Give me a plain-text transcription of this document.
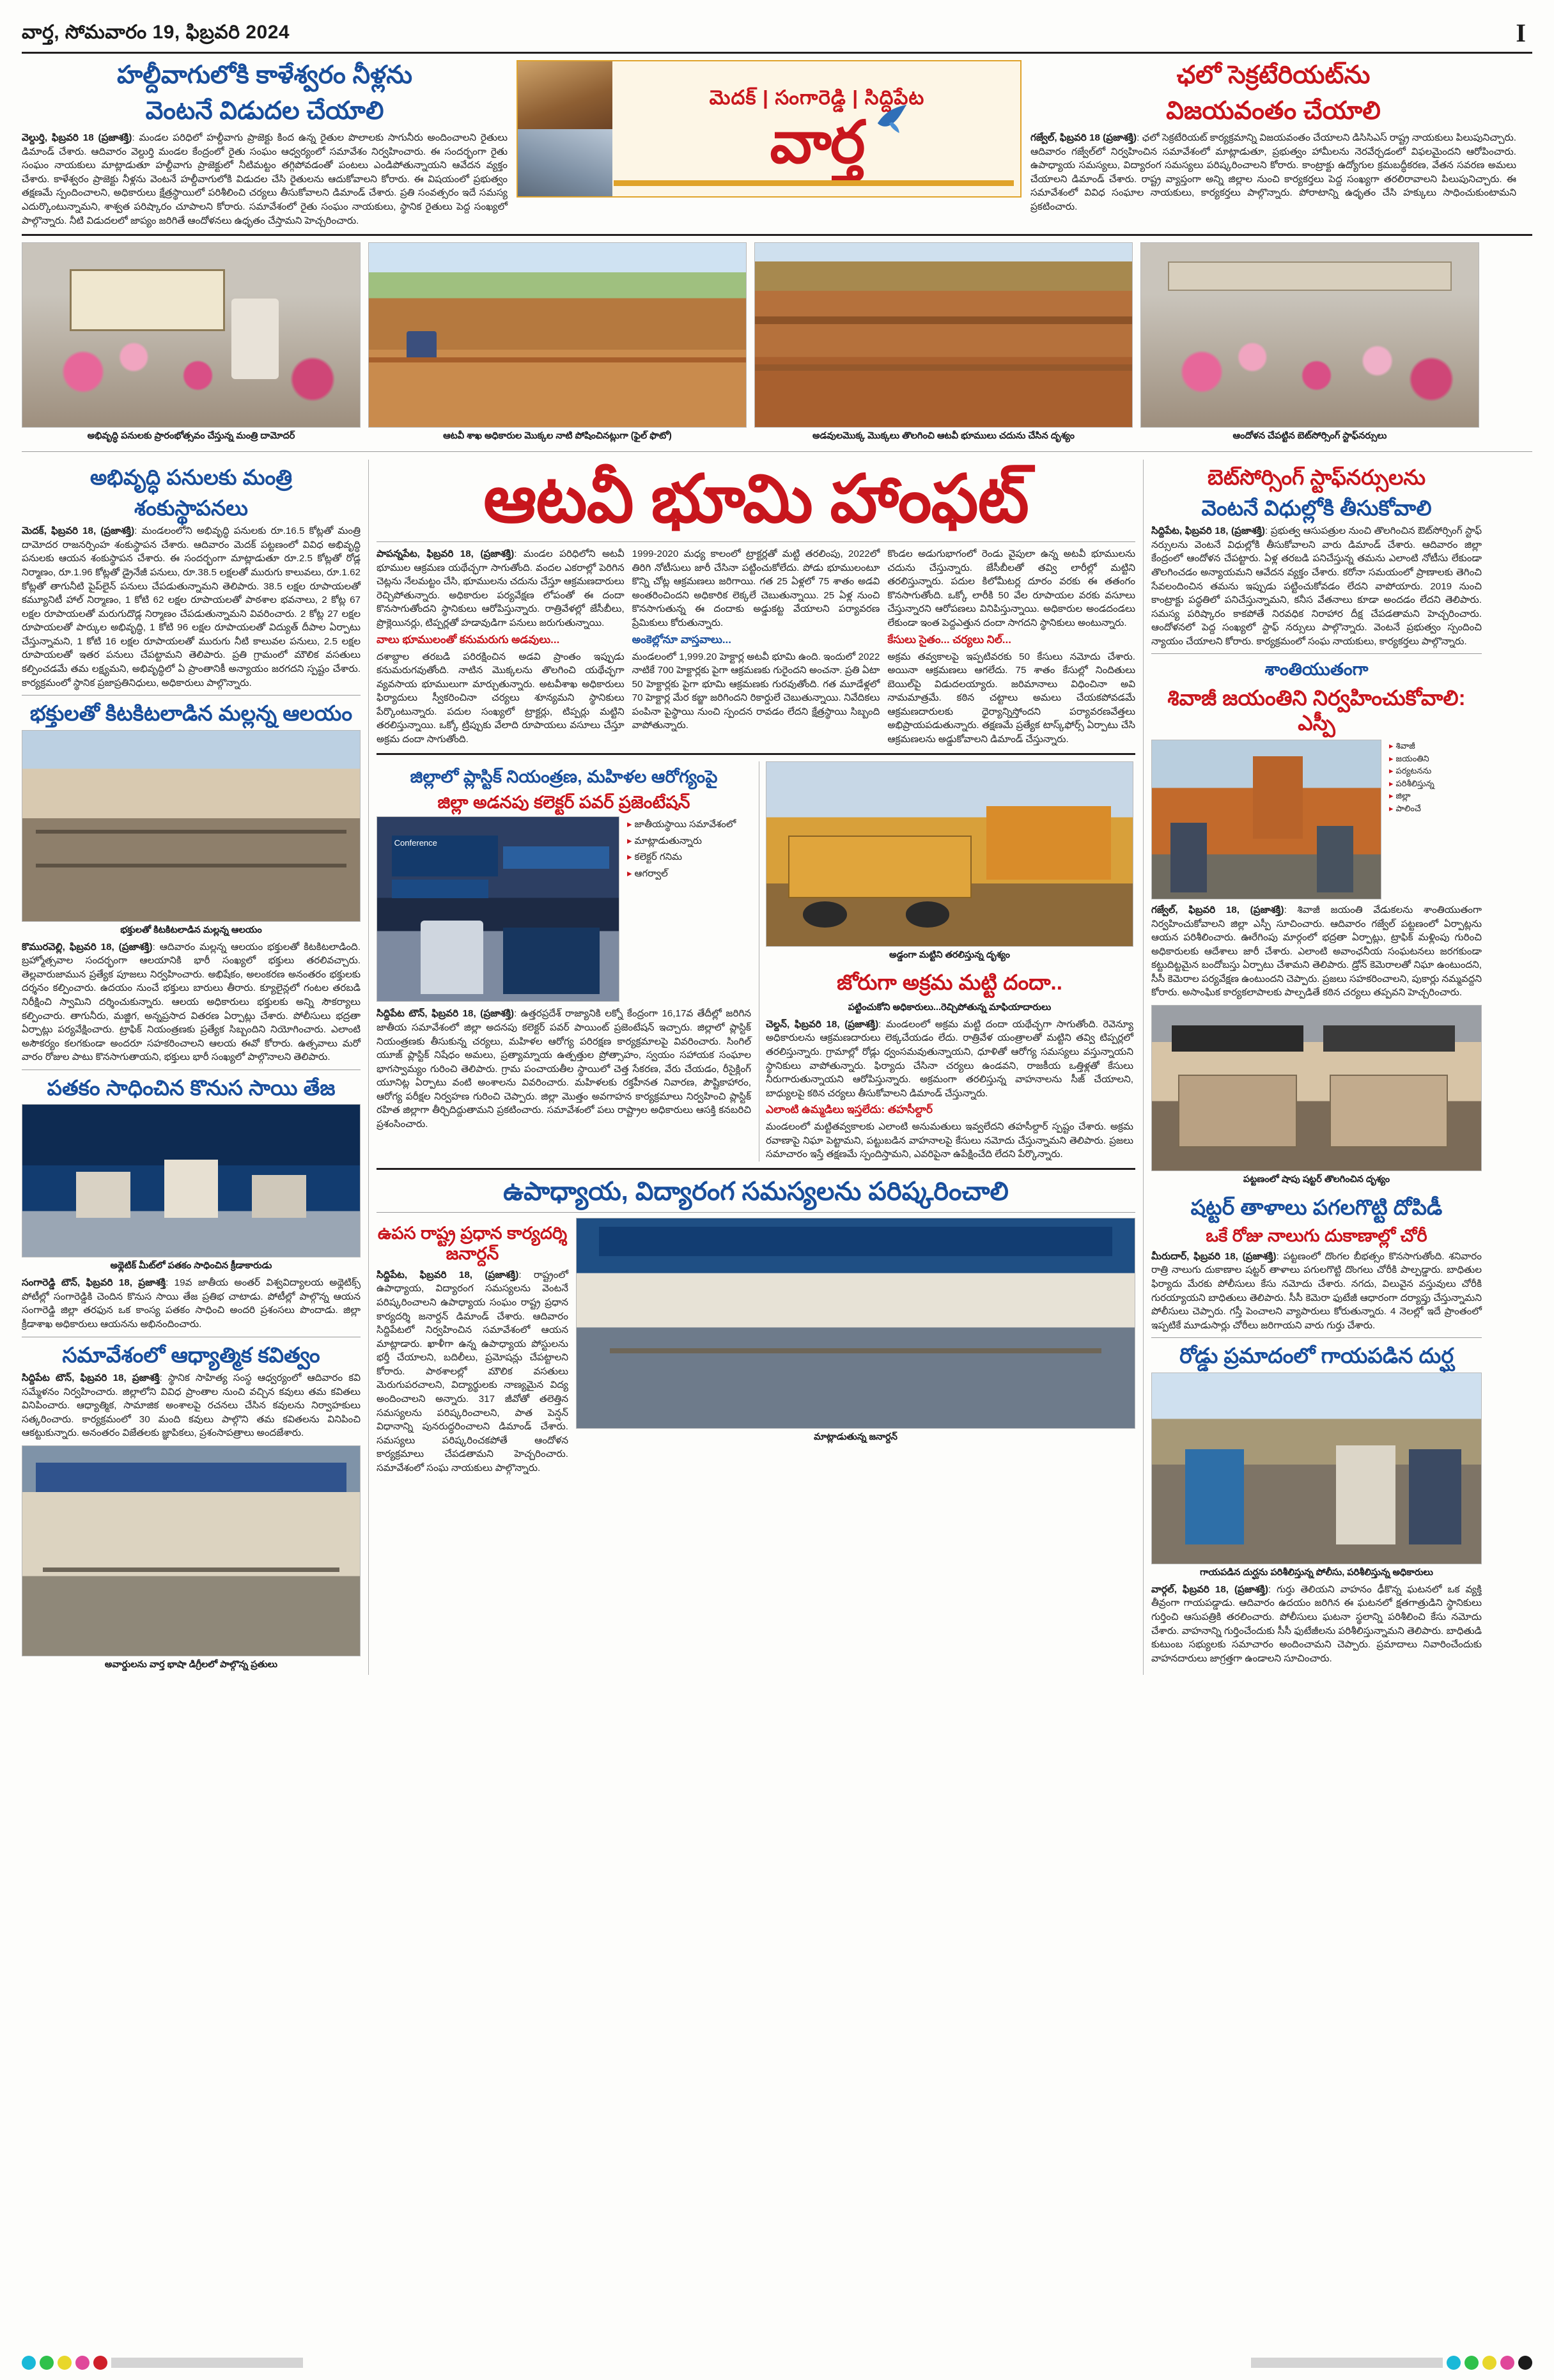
వార్త, సోమవారం 19, ఫిబ్రవరి 2024	I
హల్దీవాగులోకి కాళేశ్వరం నీళ్లను
వెంటనే విడుదల చేయాలి
వెల్దుర్తి, ఫిబ్రవరి 18 (ప్రజాశక్తి): మండల పరిధిలో హల్దీవాగు ప్రాజెక్టు కింద ఉన్న రైతుల పొలాలకు సాగునీరు అందించాలని రైతులు డిమాండ్ చేశారు. ఆదివారం వెల్దుర్తి మండల కేంద్రంలో రైతు సంఘం ఆధ్వర్యంలో సమావేశం నిర్వహించారు. ఈ సందర్భంగా రైతు సంఘం నాయకులు మాట్లాడుతూ హల్దీవాగు ప్రాజెక్టులో నీటిమట్టం తగ్గిపోవడంతో పంటలు ఎండిపోతున్నాయని ఆవేదన వ్యక్తం చేశారు. కాళేశ్వరం ప్రాజెక్టు నీళ్లను వెంటనే హల్దీవాగులోకి విడుదల చేసి రైతులను ఆదుకోవాలని కోరారు. ఈ విషయంలో ప్రభుత్వం తక్షణమే స్పందించాలని, అధికారులు క్షేత్రస్థాయిలో పరిశీలించి చర్యలు తీసుకోవాలని డిమాండ్ చేశారు. ప్రతి సంవత్సరం ఇదే సమస్య ఎదుర్కొంటున్నామని, శాశ్వత పరిష్కారం చూపాలని కోరారు. సమావేశంలో రైతు సంఘం నాయకులు, స్థానిక రైతులు పెద్ద సంఖ్యలో పాల్గొన్నారు. నీటి విడుదలలో జాప్యం జరిగితే ఆందోళనలు ఉధృతం చేస్తామని హెచ్చరించారు.
మెదక్ | సంగారెడ్డి | సిద్దిపేట
వార్త
ఛలో సెక్రటేరియట్‌ను
విజయవంతం చేయాలి
గజ్వేల్, ఫిబ్రవరి 18 (ప్రజాశక్తి): ఛలో సెక్రటేరియట్ కార్యక్రమాన్ని విజయవంతం చేయాలని డిసిసిఎస్ రాష్ట్ర నాయకులు పిలుపునిచ్చారు. ఆదివారం గజ్వేల్‌లో నిర్వహించిన సమావేశంలో మాట్లాడుతూ, ప్రభుత్వం హామీలను నెరవేర్చడంలో విఫలమైందని ఆరోపించారు. ఉపాధ్యాయ సమస్యలు, విద్యారంగ సమస్యలు పరిష్కరించాలని కోరారు. కాంట్రాక్టు ఉద్యోగుల క్రమబద్ధీకరణ, వేతన సవరణ అమలు చేయాలని డిమాండ్ చేశారు. రాష్ట్ర వ్యాప్తంగా అన్ని జిల్లాల నుంచి కార్యకర్తలు పెద్ద సంఖ్యగా తరలిరావాలని పిలుపునిచ్చారు. ఈ సమావేశంలో వివిధ సంఘాల నాయకులు, కార్యకర్తలు పాల్గొన్నారు. పోరాటాన్ని ఉధృతం చేసి హక్కులు సాధించుకుంటామని ప్రకటించారు.
అభివృద్ధి పనులకు ప్రారంభోత్సవం చేస్తున్న మంత్రి దామోదర్	ఆటవీ శాఖ అధికారుల మొక్కల నాటి పోషించినట్లుగా (ఫైల్ ఫొటో)	అడవులమొక్క మొక్కలు తొలగించి ఆటవీ భూములు చదును చేసిన దృశ్యం	ఆందోళన చేపట్టిన బెట్‌సోర్సింగ్ స్టాఫ్‌నర్సులు
అభివృద్ధి పనులకు మంత్రి
శంకుస్థాపనలు
మెదక్, ఫిబ్రవరి 18, (ప్రజాశక్తి): మండలంలోని అభివృద్ధి పనులకు రూ.16.5 కోట్లతో మంత్రి దామోదర రాజనర్సింహ శంకుస్థాపన చేశారు. ఆదివారం మెదక్ పట్టణంలో వివిధ అభివృద్ధి పనులకు ఆయన శంకుస్థాపన చేశారు. ఈ సందర్భంగా మాట్లాడుతూ రూ.2.5 కోట్లతో రోడ్ల నిర్మాణం, రూ.1.96 కోట్లతో డ్రైనేజీ పనులు, రూ.38.5 లక్షలతో మురుగు కాలువలు, రూ.1.62 కోట్లతో తాగునీటి పైప్‌లైన్ పనులు చేపడుతున్నామని తెలిపారు. 38.5 లక్షల రూపాయలతో కమ్యూనిటీ హాల్ నిర్మాణం, 1 కోటి 62 లక్షల రూపాయలతో పాఠశాల భవనాలు, 2 కోట్ల 67 లక్షల రూపాయలతో మరుగుదొడ్ల నిర్మాణం చేపడుతున్నామని వివరించారు. 2 కోట్ల 27 లక్షల రూపాయలతో పార్కుల అభివృద్ధి, 1 కోటి 96 లక్షల రూపాయలతో విద్యుత్ దీపాల ఏర్పాటు చేస్తున్నామని, 1 కోటి 16 లక్షల రూపాయలతో మురుగు నీటి కాలువల పనులు, 2.5 లక్షల రూపాయలతో ఇతర పనులు చేపట్టామని తెలిపారు. ప్రతి గ్రామంలో మౌలిక వసతులు కల్పించడమే తమ లక్ష్యమని, అభివృద్ధిలో ఏ ప్రాంతానికీ అన్యాయం జరగదని స్పష్టం చేశారు. కార్యక్రమంలో స్థానిక ప్రజాప్రతినిధులు, అధికారులు పాల్గొన్నారు.
భక్తులతో కిటకిటలాడిన మల్లన్న ఆలయం
భక్తులతో కిటకిటలాడిన మల్లన్న ఆలయం
కొమురవెల్లి, ఫిబ్రవరి 18, (ప్రజాశక్తి): ఆదివారం మల్లన్న ఆలయం భక్తులతో కిటకిటలాడింది. బ్రహ్మోత్సవాల సందర్భంగా ఆలయానికి భారీ సంఖ్యలో భక్తులు తరలివచ్చారు. తెల్లవారుజామున ప్రత్యేక పూజలు నిర్వహించారు. అభిషేకం, అలంకరణ అనంతరం భక్తులకు దర్శనం కల్పించారు. ఉదయం నుంచే భక్తులు బారులు తీరారు. క్యూలైన్లలో గంటల తరబడి నిరీక్షించి స్వామిని దర్శించుకున్నారు. ఆలయ అధికారులు భక్తులకు అన్ని సౌకర్యాలు కల్పించారు. తాగునీరు, మజ్జిగ, అన్నప్రసాద వితరణ ఏర్పాట్లు చేశారు. పోలీసులు భద్రతా ఏర్పాట్లు పర్యవేక్షించారు. ట్రాఫిక్ నియంత్రణకు ప్రత్యేక సిబ్బందిని నియోగించారు. ఎలాంటి అసౌకర్యం కలగకుండా అందరూ సహకరించాలని ఆలయ ఈవో కోరారు. ఉత్సవాలు మరో వారం రోజుల పాటు కొనసాగుతాయని, భక్తులు భారీ సంఖ్యలో పాల్గొనాలని తెలిపారు.
పతకం సాధించిన కొనుస సాయి తేజ
అథ్లెటిక్ మీట్‌లో పతకం సాధించిన క్రీడాకారుడు
సంగారెడ్డి టౌన్, ఫిబ్రవరి 18, ప్రజాశక్తి: 19వ జాతీయ అంతర్ విశ్వవిద్యాలయ అథ్లెటిక్స్ పోటీల్లో సంగారెడ్డికి చెందిన కొనుస సాయి తేజ ప్రతిభ చాటాడు. పోటీల్లో పాల్గొన్న ఆయన సంగారెడ్డి జిల్లా తరఫున ఒక కాంస్య పతకం సాధించి అందరి ప్రశంసలు పొందాడు. జిల్లా క్రీడాశాఖ అధికారులు ఆయనను అభినందించారు.
సమావేశంలో ఆధ్యాత్మిక కవిత్వం
సిద్దిపేట టౌన్, ఫిబ్రవరి 18, ప్రజాశక్తి: స్థానిక సాహిత్య సంస్థ ఆధ్వర్యంలో ఆదివారం కవి సమ్మేళనం నిర్వహించారు. జిల్లాలోని వివిధ ప్రాంతాల నుంచి వచ్చిన కవులు తమ కవితలు వినిపించారు. ఆధ్యాత్మిక, సామాజిక అంశాలపై రచనలు చేసిన కవులను నిర్వాహకులు సత్కరించారు. కార్యక్రమంలో 30 మంది కవులు పాల్గొని తమ కవితలను వినిపించి ఆకట్టుకున్నారు. అనంతరం విజేతలకు జ్ఞాపికలు, ప్రశంసాపత్రాలు అందజేశారు.
అవార్డులను వార్త భాషా డిగ్రీలలో పాల్గొన్న ప్రతులు
ఆటవీ భూమి హాంఫట్
పాపన్నపేట, ఫిబ్రవరి 18, (ప్రజాశక్తి): మండల పరిధిలోని అటవీ భూముల ఆక్రమణ యథేచ్ఛగా సాగుతోంది. వందల ఎకరాల్లో పెరిగిన చెట్లను నేలమట్టం చేసి, భూములను చదును చేస్తూ ఆక్రమణదారులు రెచ్చిపోతున్నారు. అధికారుల పర్యవేక్షణ లోపంతో ఈ దందా కొనసాగుతోందని స్థానికులు ఆరోపిస్తున్నారు. రాత్రివేళల్లో జేసీబీలు, ప్రొక్లెయినర్లు, టిప్పర్లతో హడావుడిగా పనులు జరుగుతున్నాయి.
వాలు భూములంతో కనుమరుగు అడవులు...
దశాబ్దాల తరబడి పరిరక్షించిన అడవి ప్రాంతం ఇప్పుడు కనుమరుగవుతోంది. నాటిన మొక్కలను తొలగించి యథేచ్ఛగా వ్యవసాయ భూములుగా మార్చుతున్నారు. అటవీశాఖ అధికారులు ఫిర్యాదులు స్వీకరించినా చర్యలు శూన్యమని స్థానికులు పేర్కొంటున్నారు. పదుల సంఖ్యలో ట్రాక్టర్లు, టిప్పర్లు మట్టిని తరలిస్తున్నాయి. ఒక్కో ట్రిప్పుకు వేలాది రూపాయలు వసూలు చేస్తూ అక్రమ దందా సాగుతోంది.
1999-2020 మధ్య కాలంలో ట్రాక్టర్లతో మట్టి తరలింపు, 2022లో తిరిగి నోటీసులు జారీ చేసినా పట్టించుకోలేదు. పోడు భూములంటూ కొన్ని చోట్ల ఆక్రమణలు జరిగాయి. గత 25 ఏళ్లలో 75 శాతం అడవి అంతరించిందని అధికారిక లెక్కలే చెబుతున్నాయి. 25 ఏళ్ల నుంచి కొనసాగుతున్న ఈ దందాకు అడ్డుకట్ట వేయాలని పర్యావరణ ప్రేమికులు కోరుతున్నారు.
అంకెల్లోనూ వాస్తవాలు...
మండలంలో 1,999.20 హెక్టార్ల అటవీ భూమి ఉంది. ఇందులో 2022 నాటికే 700 హెక్టార్లకు పైగా ఆక్రమణకు గురైందని అంచనా. ప్రతి ఏటా 50 హెక్టార్లకు పైగా భూమి ఆక్రమణకు గురవుతోంది. గత మూడేళ్లలో 70 హెక్టార్ల మేర కబ్జా జరిగిందని రికార్డులే చెబుతున్నాయి. నివేదికలు పంపినా పైస్థాయి నుంచి స్పందన రావడం లేదని క్షేత్రస్థాయి సిబ్బంది వాపోతున్నారు.
కొండల అడుగుభాగంలో రెండు వైపులా ఉన్న అటవీ భూములను చదును చేస్తున్నారు. జేసీబీలతో తవ్వి లారీల్లో మట్టిని తరలిస్తున్నారు. పదుల కిలోమీటర్ల దూరం వరకు ఈ తతంగం కొనసాగుతోంది. ఒక్కో లారీకి 50 వేల రూపాయల వరకు వసూలు చేస్తున్నారని ఆరోపణలు వినిపిస్తున్నాయి. అధికారుల అండదండలు లేకుండా ఇంత పెద్దఎత్తున దందా సాగదని స్థానికులు అంటున్నారు.
కేసులు సైతం... చర్యలు నిల్...
అక్రమ తవ్వకాలపై ఇప్పటివరకు 50 కేసులు నమోదు చేశారు. అయినా ఆక్రమణలు ఆగలేదు. 75 శాతం కేసుల్లో నిందితులు బెయిల్‌పై విడుదలయ్యారు. జరిమానాలు విధించినా అవి నామమాత్రమే. కఠిన చట్టాలు అమలు చేయకపోవడమే ఆక్రమణదారులకు ధైర్యాన్నిస్తోందని పర్యావరణవేత్తలు అభిప్రాయపడుతున్నారు. తక్షణమే ప్రత్యేక టాస్క్‌ఫోర్స్ ఏర్పాటు చేసి ఆక్రమణలను అడ్డుకోవాలని డిమాండ్ చేస్తున్నారు.
జిల్లాలో ప్లాస్టిక్ నియంత్రణ, మహిళల ఆరోగ్యంపై
జిల్లా అడనపు కలెక్టర్ పవర్ ప్రజెంటేషన్
Conference
▸ జాతీయస్థాయి సమావేశంలో
▸ మాట్లాడుతున్నారు
▸ కలెక్టర్ గనిమ
▸ ఆగర్వాల్
సిద్దిపేట టౌన్, ఫిబ్రవరి 18, (ప్రజాశక్తి): ఉత్తరప్రదేశ్ రాజ్యానికి లక్నో కేంద్రంగా 16,17వ తేదీల్లో జరిగిన జాతీయ సమావేశంలో జిల్లా అదనపు కలెక్టర్ పవర్ పాయింట్ ప్రజెంటేషన్ ఇచ్చారు. జిల్లాలో ప్లాస్టిక్ నియంత్రణకు తీసుకున్న చర్యలు, మహిళల ఆరోగ్య పరిరక్షణ కార్యక్రమాలపై వివరించారు. సింగిల్ యూజ్ ప్లాస్టిక్ నిషేధం అమలు, ప్రత్యామ్నాయ ఉత్పత్తుల ప్రోత్సాహం, స్వయం సహాయక సంఘాల భాగస్వామ్యం గురించి తెలిపారు. గ్రామ పంచాయతీల స్థాయిలో చెత్త సేకరణ, వేరు చేయడం, రీసైక్లింగ్ యూనిట్ల ఏర్పాటు వంటి అంశాలను వివరించారు. మహిళలకు రక్తహీనత నివారణ, పౌష్టికాహారం, ఆరోగ్య పరీక్షల నిర్వహణ గురించి చెప్పారు. జిల్లా మొత్తం అవగాహన కార్యక్రమాలు నిర్వహించి ప్లాస్టిక్ రహిత జిల్లాగా తీర్చిదిద్దుతామని ప్రకటించారు. సమావేశంలో పలు రాష్ట్రాల అధికారులు ఆసక్తి కనబరిచి ప్రశంసించారు.
అడ్డంగా మట్టిని తరలిస్తున్న దృశ్యం
జోరుగా అక్రమ మట్టి దందా..
పట్టించుకోని అధికారులు...రెచ్చిపోతున్న మాఫియాదారులు
చెల్దన్, ఫిబ్రవరి 18, (ప్రజాశక్తి): మండలంలో అక్రమ మట్టి దందా యథేచ్ఛగా సాగుతోంది. రెవెన్యూ అధికారులను ఆక్రమణదారులు లెక్కచేయడం లేదు. రాత్రివేళ యంత్రాలతో మట్టిని తవ్వి టిప్పర్లలో తరలిస్తున్నారు. గ్రామాల్లో రోడ్లు ధ్వంసమవుతున్నాయని, ధూళితో ఆరోగ్య సమస్యలు వస్తున్నాయని స్థానికులు వాపోతున్నారు. ఫిర్యాదు చేసినా చర్యలు ఉండవని, రాజకీయ ఒత్తిళ్లతో కేసులు నీరుగారుతున్నాయని ఆరోపిస్తున్నారు. అక్రమంగా తరలిస్తున్న వాహనాలను సీజ్ చేయాలని, బాధ్యులపై కఠిన చర్యలు తీసుకోవాలని డిమాండ్ చేస్తున్నారు.
ఎలాంటి ఉమ్మడిలు ఇస్తలేదు: తహసీల్దార్
మండలంలో మట్టితవ్వకాలకు ఎలాంటి అనుమతులు ఇవ్వలేదని తహసీల్దార్ స్పష్టం చేశారు. అక్రమ రవాణాపై నిఘా పెట్టామని, పట్టుబడిన వాహనాలపై కేసులు నమోదు చేస్తున్నామని తెలిపారు. ప్రజలు సమాచారం ఇస్తే తక్షణమే స్పందిస్తామని, ఎవరిపైనా ఉపేక్షించేది లేదని పేర్కొన్నారు.
ఉపాధ్యాయ, విద్యారంగ సమస్యలను పరిష్కరించాలి
ఉపస రాష్ట్ర ప్రధాన కార్యదర్శి జనార్దన్
సిద్దిపేట, ఫిబ్రవరి 18, (ప్రజాశక్తి): రాష్ట్రంలో ఉపాధ్యాయ, విద్యారంగ సమస్యలను వెంటనే పరిష్కరించాలని ఉపాధ్యాయ సంఘం రాష్ట్ర ప్రధాన కార్యదర్శి జనార్దన్ డిమాండ్ చేశారు. ఆదివారం సిద్దిపేటలో నిర్వహించిన సమావేశంలో ఆయన మాట్లాడారు. ఖాళీగా ఉన్న ఉపాధ్యాయ పోస్టులను భర్తీ చేయాలని, బదిలీలు, ప్రమోషన్లు చేపట్టాలని కోరారు. పాఠశాలల్లో మౌలిక వసతులు మెరుగుపరచాలని, విద్యార్థులకు నాణ్యమైన విద్య అందించాలని అన్నారు. 317 జీవోతో తలెత్తిన సమస్యలను పరిష్కరించాలని, పాత పెన్షన్ విధానాన్ని పునరుద్ధరించాలని డిమాండ్ చేశారు. సమస్యలు పరిష్కరించకపోతే ఆందోళన కార్యక్రమాలు చేపడతామని హెచ్చరించారు. సమావేశంలో సంఘ నాయకులు పాల్గొన్నారు.
మాట్లాడుతున్న జనార్దన్
బెట్‌సోర్సింగ్ స్టాఫ్‌నర్సులను
వెంటనే విధుల్లోకి తీసుకోవాలి
సిద్దిపేట, ఫిబ్రవరి 18, (ప్రజాశక్తి): ప్రభుత్వ ఆసుపత్రుల నుంచి తొలగించిన ఔట్‌సోర్సింగ్ స్టాఫ్ నర్సులను వెంటనే విధుల్లోకి తీసుకోవాలని వారు డిమాండ్ చేశారు. ఆదివారం జిల్లా కేంద్రంలో ఆందోళన చేపట్టారు. ఏళ్ల తరబడి పనిచేస్తున్న తమను ఎలాంటి నోటీసు లేకుండా తొలగించడం అన్యాయమని ఆవేదన వ్యక్తం చేశారు. కరోనా సమయంలో ప్రాణాలకు తెగించి సేవలందించిన తమను ఇప్పుడు పట్టించుకోవడం లేదని వాపోయారు. 2019 నుంచి కాంట్రాక్టు పద్ధతిలో పనిచేస్తున్నామని, కనీస వేతనాలు కూడా అందడం లేదని తెలిపారు. సమస్య పరిష్కారం కాకపోతే నిరవధిక నిరాహార దీక్ష చేపడతామని హెచ్చరించారు. ఆందోళనలో పెద్ద సంఖ్యలో స్టాఫ్ నర్సులు పాల్గొన్నారు. వెంటనే ప్రభుత్వం స్పందించి న్యాయం చేయాలని కోరారు. కార్యక్రమంలో సంఘ నాయకులు, కార్యకర్తలు పాల్గొన్నారు.
శాంతియుతంగా
శివాజీ జయంతిని నిర్వహించుకోవాలి: ఎస్పీ
▸ శివాజీ
▸ జయంతిని
▸ పర్యటనను
▸ పరిశీలిస్తున్న
▸ జిల్లా
▸ పాలించే
గజ్వేల్, ఫిబ్రవరి 18, (ప్రజాశక్తి): శివాజీ జయంతి వేడుకలను శాంతియుతంగా నిర్వహించుకోవాలని జిల్లా ఎస్పీ సూచించారు. ఆదివారం గజ్వేల్ పట్టణంలో ఏర్పాట్లను ఆయన పరిశీలించారు. ఊరేగింపు మార్గంలో భద్రతా ఏర్పాట్లు, ట్రాఫిక్ మళ్లింపు గురించి అధికారులకు ఆదేశాలు జారీ చేశారు. ఎలాంటి అవాంఛనీయ సంఘటనలు జరగకుండా కట్టుదిట్టమైన బందోబస్తు ఏర్పాటు చేశామని తెలిపారు. డ్రోన్ కెమెరాలతో నిఘా ఉంటుందని, సీసీ కెమెరాల పర్యవేక్షణ ఉంటుందని చెప్పారు. ప్రజలు సహకరించాలని, పుకార్లు నమ్మవద్దని కోరారు. అసాంఘిక కార్యకలాపాలకు పాల్పడితే కఠిన చర్యలు తప్పవని హెచ్చరించారు.
పట్టణంలో షాపు షట్టర్ తొలగించిన దృశ్యం
షట్టర్ తాళాలు పగలగొట్టి దోపిడీ
ఒకే రోజు నాలుగు దుకాణాల్లో చోరీ
మీరుదార్, ఫిబ్రవరి 18, (ప్రజాశక్తి): పట్టణంలో దొంగల బీభత్సం కొనసాగుతోంది. శనివారం రాత్రి నాలుగు దుకాణాల షట్టర్ తాళాలు పగులగొట్టి దొంగలు చోరీకి పాల్పడ్డారు. బాధితుల ఫిర్యాదు మేరకు పోలీసులు కేసు నమోదు చేశారు. నగదు, విలువైన వస్తువులు చోరీకి గురయ్యాయని బాధితులు తెలిపారు. సీసీ కెమెరా ఫుటేజీ ఆధారంగా దర్యాప్తు చేస్తున్నామని పోలీసులు చెప్పారు. గస్తీ పెంచాలని వ్యాపారులు కోరుతున్నారు. 4 నెలల్లో ఇదే ప్రాంతంలో ఇప్పటికే మూడుసార్లు చోరీలు జరిగాయని వారు గుర్తు చేశారు.
రోడ్డు ప్రమాదంలో గాయపడిన దుర్ఘ
గాయపడిన దుర్ఘను పరిశీలిస్తున్న పోలీసు, పరిశీలిస్తున్న అధికారులు
వార్గల్, ఫిబ్రవరి 18, (ప్రజాశక్తి): గుర్తు తెలియని వాహనం ఢీకొన్న ఘటనలో ఒక వ్యక్తి తీవ్రంగా గాయపడ్డాడు. ఆదివారం ఉదయం జరిగిన ఈ ఘటనలో క్షతగాత్రుడిని స్థానికులు గుర్తించి ఆసుపత్రికి తరలించారు. పోలీసులు ఘటనా స్థలాన్ని పరిశీలించి కేసు నమోదు చేశారు. వాహనాన్ని గుర్తించేందుకు సీసీ ఫుటేజీలను పరిశీలిస్తున్నామని తెలిపారు. బాధితుడి కుటుంబ సభ్యులకు సమాచారం అందించామని చెప్పారు. ప్రమాదాలు నివారించేందుకు వాహనదారులు జాగ్రత్తగా ఉండాలని సూచించారు.
